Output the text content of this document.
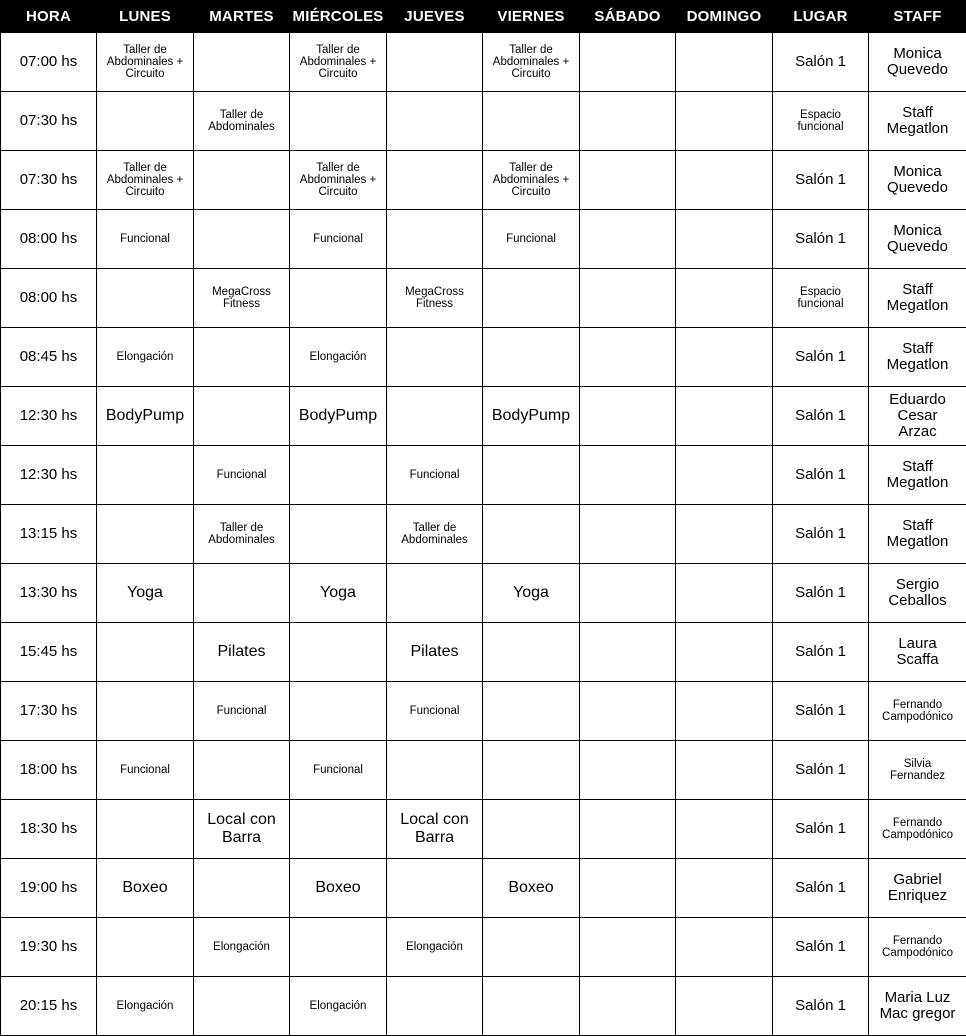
HORA	LUNES	MARTES	MIÉRCOLES	JUEVES	VIERNES	SÁBADO	DOMINGO	LUGAR	STAFF
07:00 hs	Taller de
Abdominales +
Circuito		Taller de
Abdominales +
Circuito		Taller de
Abdominales +
Circuito			Salón 1	Monica
Quevedo

07:30 hs		Taller de
Abdominales						Espacio
funcional	Staff
Megatlon

07:30 hs	Taller de
Abdominales +
Circuito		Taller de
Abdominales +
Circuito		Taller de
Abdominales +
Circuito			Salón 1	Monica
Quevedo

08:00 hs	Funcional		Funcional		Funcional			Salón 1	Monica
Quevedo

08:00 hs		MegaCross
Fitness		MegaCross
Fitness				Espacio
funcional	Staff
Megatlon

08:45 hs	Elongación		Elongación					Salón 1	Staff
Megatlon

12:30 hs	BodyPump		BodyPump		BodyPump			Salón 1	Eduardo
Cesar
Arzac

12:30 hs		Funcional		Funcional				Salón 1	Staff
Megatlon

13:15 hs		Taller de
Abdominales		Taller de
Abdominales				Salón 1	Staff
Megatlon

13:30 hs	Yoga		Yoga		Yoga			Salón 1	Sergio
Ceballos

15:45 hs		Pilates		Pilates				Salón 1	Laura
Scaffa

17:30 hs		Funcional		Funcional				Salón 1	Fernando
Campodónico

18:00 hs	Funcional		Funcional					Salón 1	Silvia
Fernandez

18:30 hs		Local con
Barra		Local con
Barra				Salón 1	Fernando
Campodónico

19:00 hs	Boxeo		Boxeo		Boxeo			Salón 1	Gabriel
Enriquez

19:30 hs		Elongación		Elongación				Salón 1	Fernando
Campodónico

20:15 hs	Elongación		Elongación					Salón 1	Maria Luz
Mac gregor
